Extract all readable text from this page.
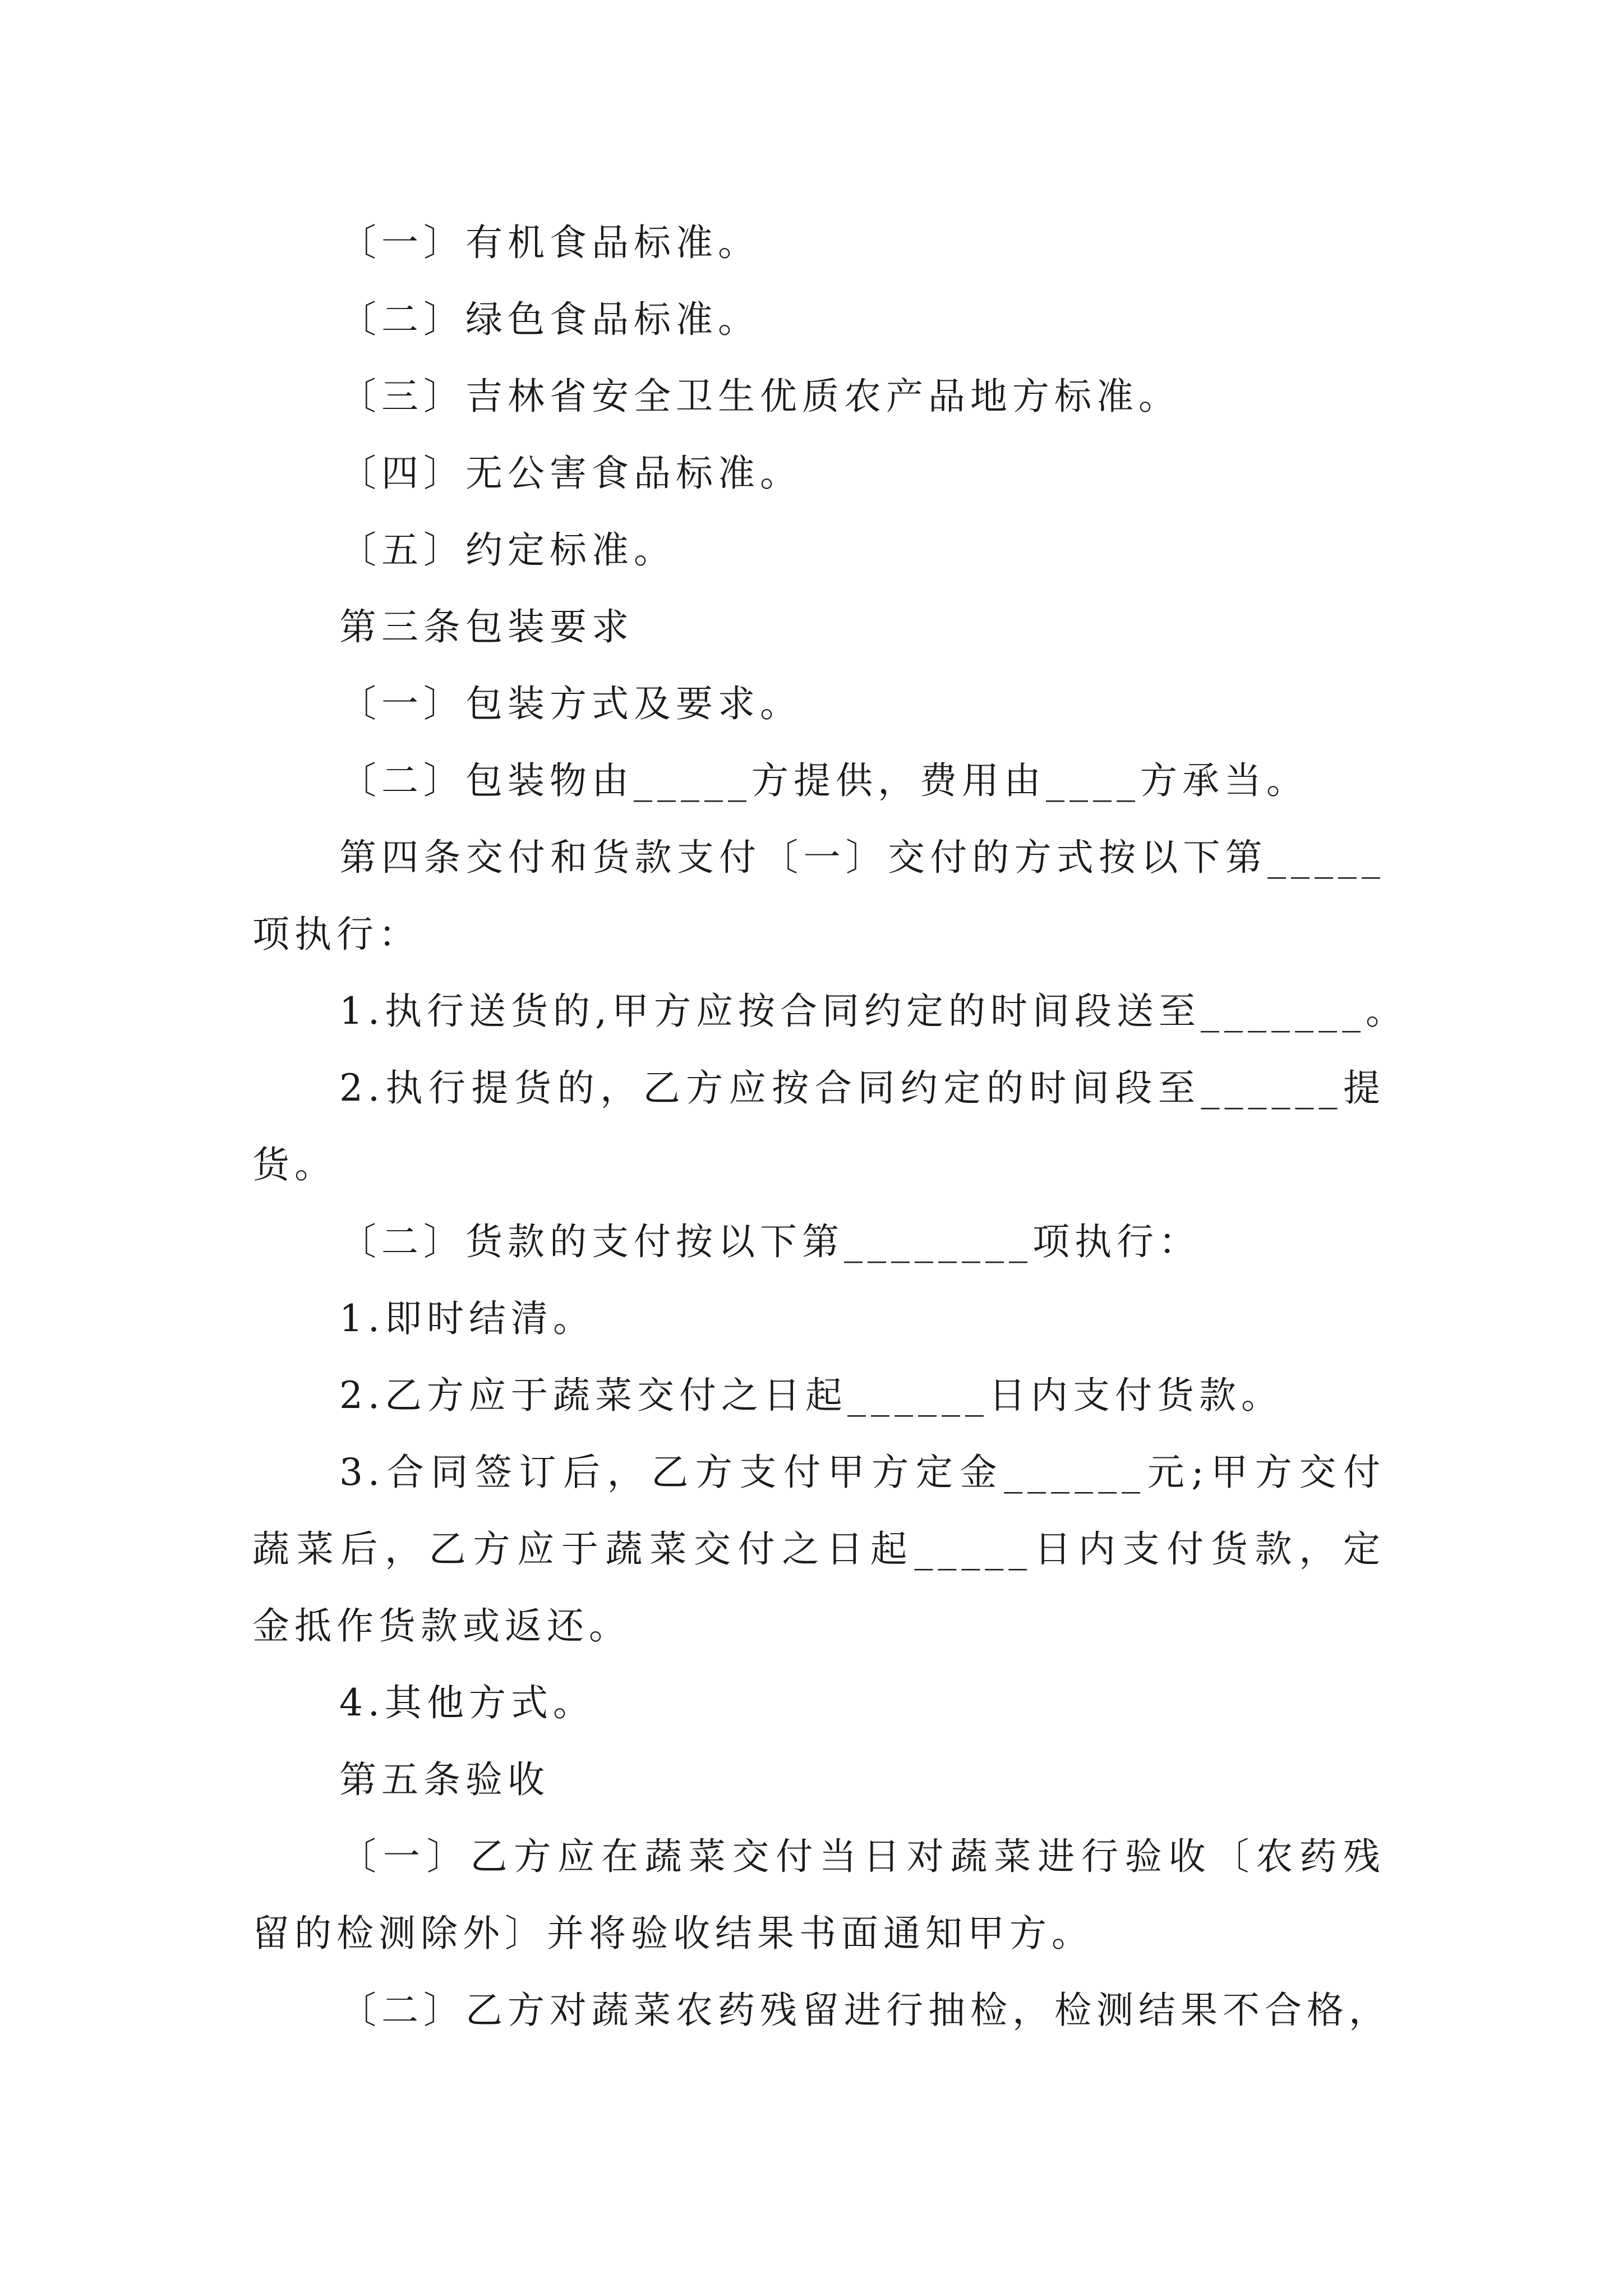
〔一〕有机食品标准。
〔二〕绿色食品标准。
〔三〕吉林省安全卫生优质农产品地方标准。
〔四〕无公害食品标准。
〔五〕约定标准。
第三条包装要求
〔一〕包装方式及要求。
〔二〕包装物由_____方提供，费用由____方承当。
第四条交付和货款支付〔一〕交付的方式按以下第_____
项执行：
1.执行送货的,甲方应按合同约定的时间段送至_______。
2.执行提货的，乙方应按合同约定的时间段至______提
货。
〔二〕货款的支付按以下第________项执行：
1.即时结清。
2.乙方应于蔬菜交付之日起______日内支付货款。
3.合同签订后，乙方支付甲方定金______元;甲方交付
蔬菜后，乙方应于蔬菜交付之日起_____日内支付货款，定
金抵作货款或返还。
4.其他方式。
第五条验收
〔一〕乙方应在蔬菜交付当日对蔬菜进行验收〔农药残
留的检测除外〕并将验收结果书面通知甲方。
〔二〕乙方对蔬菜农药残留进行抽检，检测结果不合格，
